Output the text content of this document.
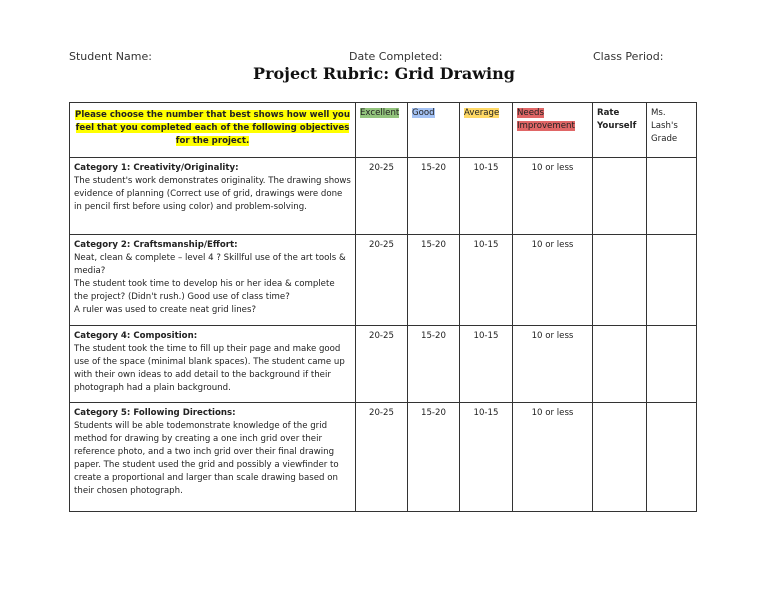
Student Name:	Date Completed:	Class Period:
Project Rubric: Grid Drawing
Please choose the number that best shows how well you feel that you completed each of the following objectives for the project.	Excellent	Good	Average	Needs Improvement	Rate Yourself	Ms. Lash's Grade

Category 1: Creativity/Originality:
The student's work demonstrates originality. The drawing shows evidence of planning (Correct use of grid, drawings were done in pencil first before using color) and problem-solving.	20-25	15-20	10-15	10 or less		

Category 2: Craftsmanship/Effort:
Neat, clean & complete – level 4 ? Skillful use of the art tools & media?
The student took time to develop his or her idea & complete the project? (Didn't rush.) Good use of class time?
A ruler was used to create neat grid lines?	20-25	15-20	10-15	10 or less		

Category 4: Composition:
The student took the time to fill up their page and make good use of the space (minimal blank spaces). The student came up with their own ideas to add detail to the background if their photograph had a plain background.	20-25	15-20	10-15	10 or less		

Category 5: Following Directions:
Students will be able todemonstrate knowledge of the grid method for drawing by creating a one inch grid over their reference photo, and a two inch grid over their final drawing paper. The student used the grid and possibly a viewfinder to create a proportional and larger than scale drawing based on their chosen photograph.	20-25	15-20	10-15	10 or less		
